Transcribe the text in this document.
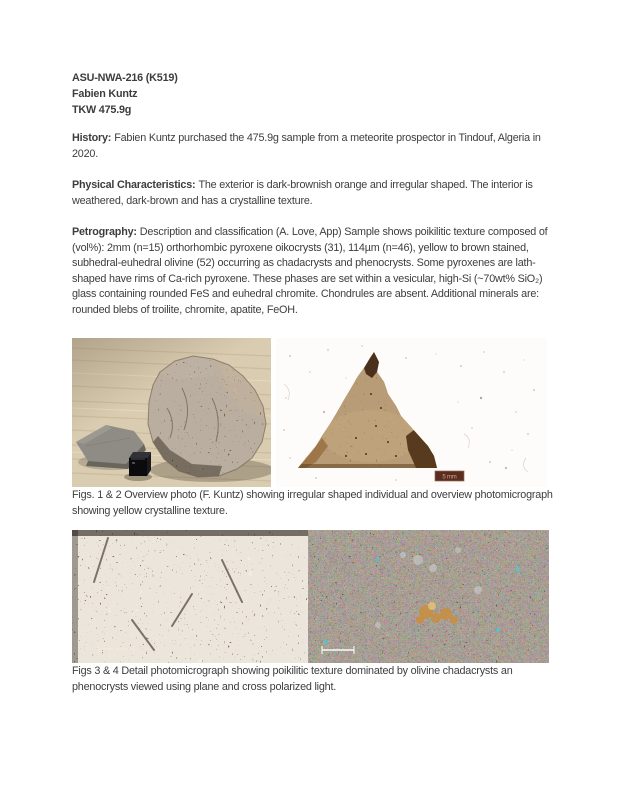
ASU-NWA-216 (K519)
Fabien Kuntz
TKW 475.9g

History: Fabien Kuntz purchased the 475.9g sample from a meteorite prospector in Tindouf, Algeria in 2020.

Physical Characteristics: The exterior is dark-brownish orange and irregular shaped. The interior is weathered, dark-brown and has a crystalline texture.

Petrography: Description and classification (A. Love, App) Sample shows poikilitic texture composed of (vol%): 2mm (n=15) orthorhombic pyroxene oikocrysts (31), 114µm (n=46), yellow to brown stained, subhedral-euhedral olivine (52) occurring as chadacrysts and phenocrysts. Some pyroxenes are lath-shaped have rims of Ca-rich pyroxene. These phases are set within a vesicular, high-Si (~70wt% SiO₂) glass containing rounded FeS and euhedral chromite. Chondrules are absent. Additional minerals are: rounded blebs of troilite, chromite, apatite, FeOH.

5 mm

Figs. 1 & 2 Overview photo (F. Kuntz) showing irregular shaped individual and overview photomicrograph showing yellow crystalline texture.

Figs 3 & 4 Detail photomicrograph showing poikilitic texture dominated by olivine chadacrysts an phenocrysts viewed using plane and cross polarized light.
